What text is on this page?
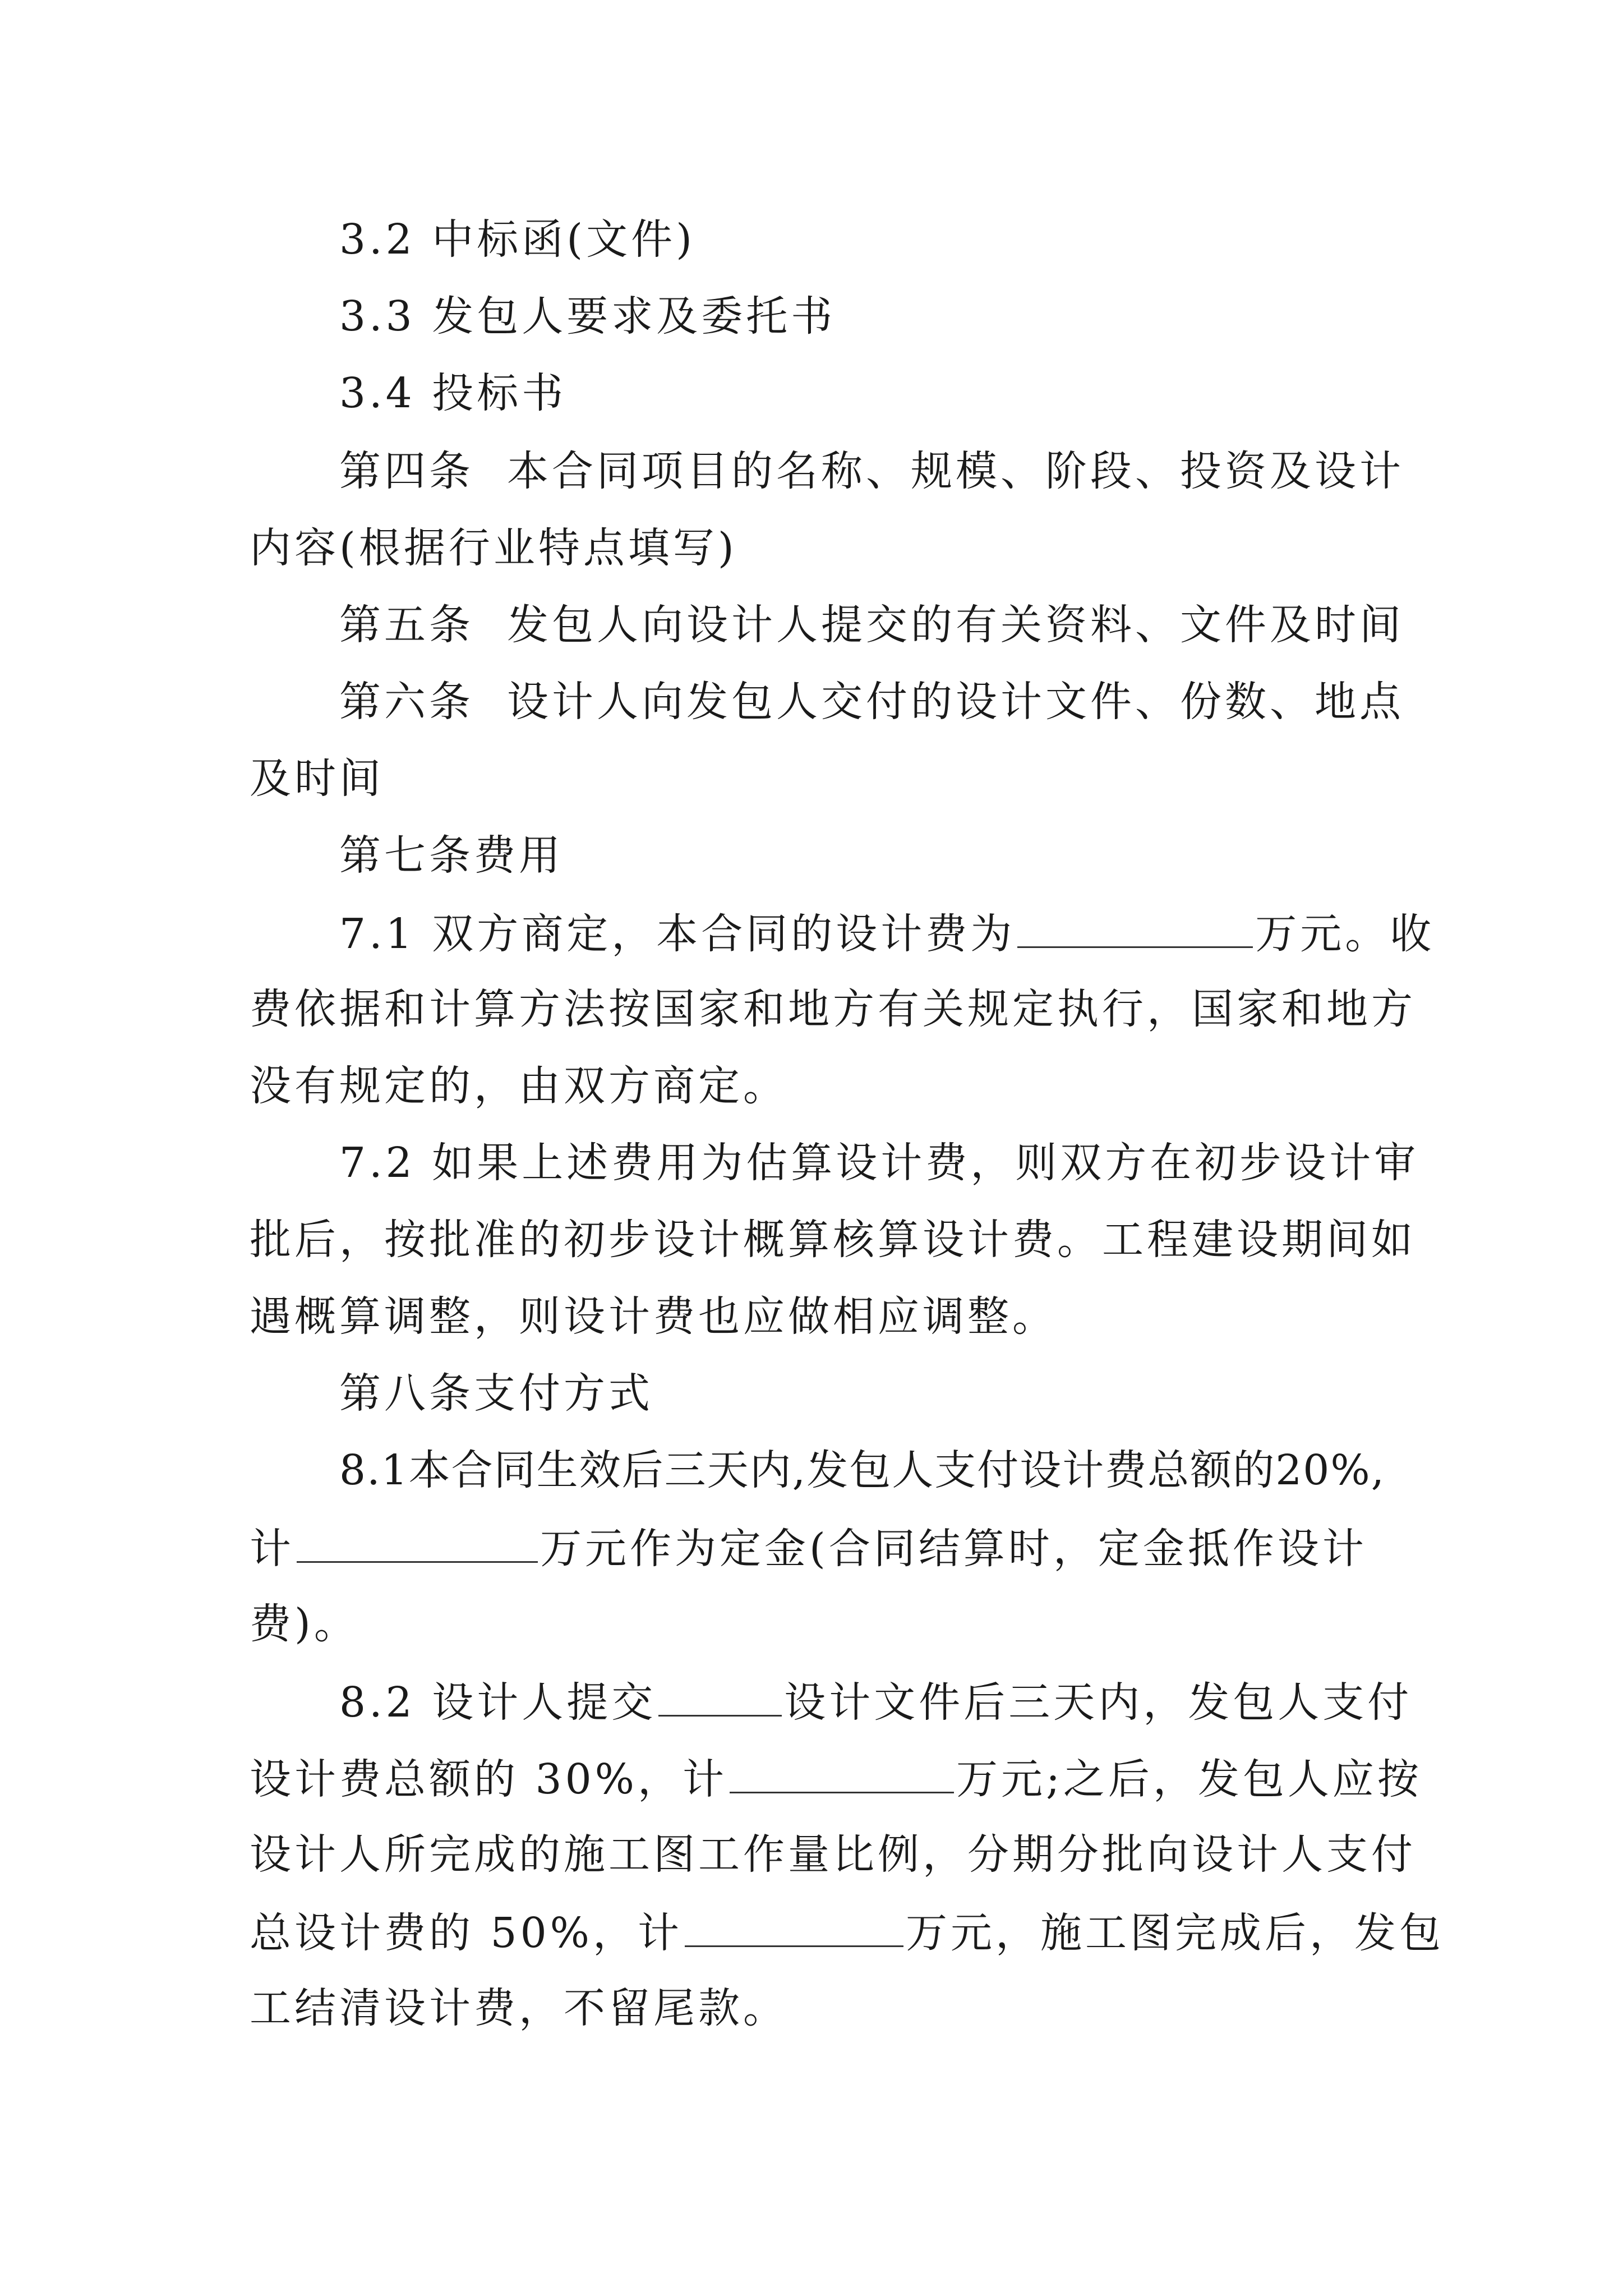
3.2 中标函(文件)
3.3 发包人要求及委托书
3.4 投标书
第四条  本合同项目的名称、规模、阶段、投资及设计
内容(根据行业特点填写)
第五条  发包人向设计人提交的有关资料、文件及时间
第六条  设计人向发包人交付的设计文件、份数、地点
及时间
第七条费用
7.1 双方商定，本合同的设计费为	万元。收
费依据和计算方法按国家和地方有关规定执行，国家和地方
没有规定的，由双方商定。
7.2 如果上述费用为估算设计费，则双方在初步设计审
批后，按批准的初步设计概算核算设计费。工程建设期间如
遇概算调整，则设计费也应做相应调整。
第八条支付方式
8.1本合同生效后三天内,发包人支付设计费总额的20%,
计	万元作为定金(合同结算时，定金抵作设计
费)。
8.2 设计人提交	设计文件后三天内，发包人支付
设计费总额的 30%，计	万元;之后，发包人应按
设计人所完成的施工图工作量比例，分期分批向设计人支付
总设计费的 50%，计	万元，施工图完成后，发包
工结清设计费，不留尾款。
